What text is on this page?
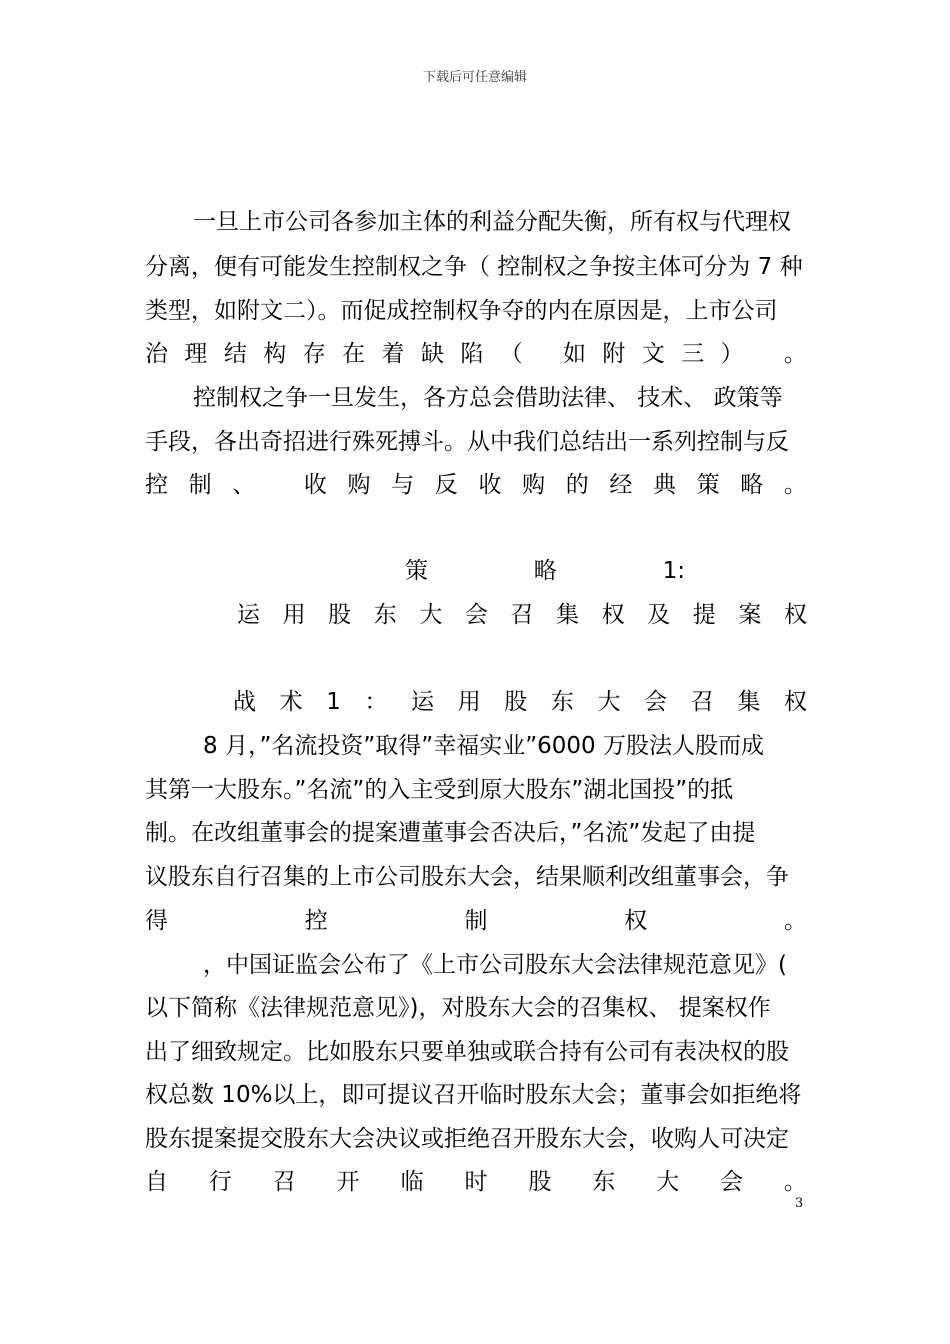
下载后可任意编辑
一旦上市公司各参加主体的利益分配失衡，所有权与代理权
分离，便有可能发生控制权之争（ 控制权之争按主体可分为 7 种
类型，如附文二）。而促成控制权争夺的内在原因是，上市公司
治 理 结 构 存 在 着 缺 陷 （
如 附 文 三 ）
。
控制权之争一旦发生，各方总会借助法律、 技术、 政策等
手段，各出奇招进行殊死搏斗。从中我们总结出一系列控制与反
控 制 、
收 购 与 反 收 购 的 经 典 策 略 。
策	略	1:
运 用 股 东 大 会 召 集 权 及 提 案 权
战 术 1 ： 运 用 股 东 大 会 召 集 权
8 月，”名流投资”取得”幸福实业”6000 万股法人股而成
其第一大股东。”名流”的入主受到原大股东”湖北国投”的抵
制。在改组董事会的提案遭董事会否决后，”名流”发起了由提
议股东自行召集的上市公司股东大会，结果顺利改组董事会，争
得	控	制	权	。
，中国证监会公布了《上市公司股东大会法律规范意见》(
以下简称《法律规范意见》)，对股东大会的召集权、 提案权作
出了细致规定。比如股东只要单独或联合持有公司有表决权的股
权总数 10%以上，即可提议召开临时股东大会；董事会如拒绝将
股东提案提交股东大会决议或拒绝召开股东大会，收购人可决定
自 行 召 开 临 时 股 东 大 会 。
3
